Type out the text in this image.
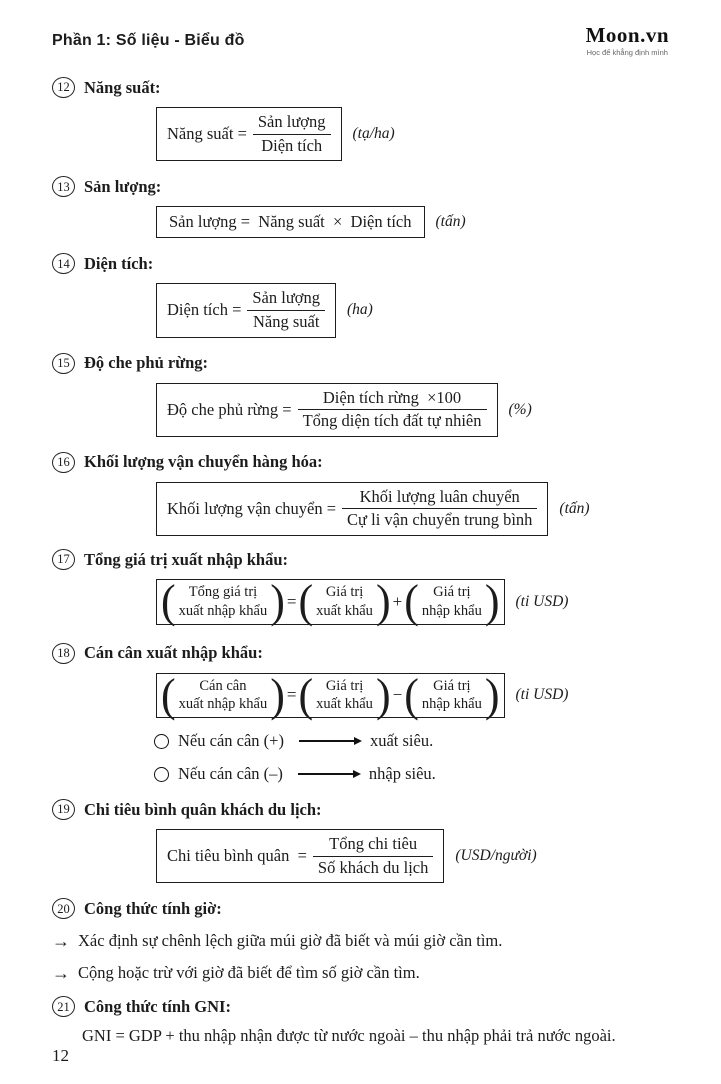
Phần 1: Số liệu - Biểu đồ	Moon.vn
Học để khẳng định mình
12 Năng suất:
Năng suất = $\frac{\text{Sản lượng}}{\text{Diện tích}}$ (tạ/ha)
13 Sản lượng:
Sản lượng =  Năng suất  ×  Diện tích (tấn)
14 Diện tích:
Diện tích = $\frac{\text{Sản lượng}}{\text{Năng suất}} (ha)$
15 Độ che phủ rừng:
Độ che phủ rừng = $\frac{\text{Diện tích rừng  ×100}}{\text{Tổng diện tích đất tự nhiên}}$ (%)
16 Khối lượng vận chuyển hàng hóa:
Khối lượng vận chuyển = $\frac{\text{Khối lượng luân chuyển}}{\text{Cự li vận chuyển trung bình}}$ (tấn)
17 Tổng giá trị xuất nhập khẩu:
( Tổng giá trị
xuất nhập khẩu ) = ( Giá trị
xuất khẩu ) + ( Giá trị
nhập khẩu ) (ti USD)
18 Cán cân xuất nhập khẩu:
(	Cán cân
xuất nhập khẩu ) = ( Giá trị
xuất khẩu ) − ( Giá trị
nhập khẩu ) (ti USD)
Nếu cán cân (+)	xuất siêu.
Nếu cán cân (–)	nhập siêu.
19 Chi tiêu bình quân khách du lịch:
Chi tiêu bình quân  = $\frac{\text{Tổng chi tiêu}}{\text{Số khách du lịch}}$ (USD/người)
20 Công thức tính giờ:
→ Xác định sự chênh lệch giữa múi giờ đã biết và múi giờ cần tìm.
→ Cộng hoặc trừ với giờ đã biết để tìm số giờ cần tìm.
21 Công thức tính GNI:
GNI = GDP + thu nhập nhận được từ nước ngoài – thu nhập phải trả nước ngoài.
12
